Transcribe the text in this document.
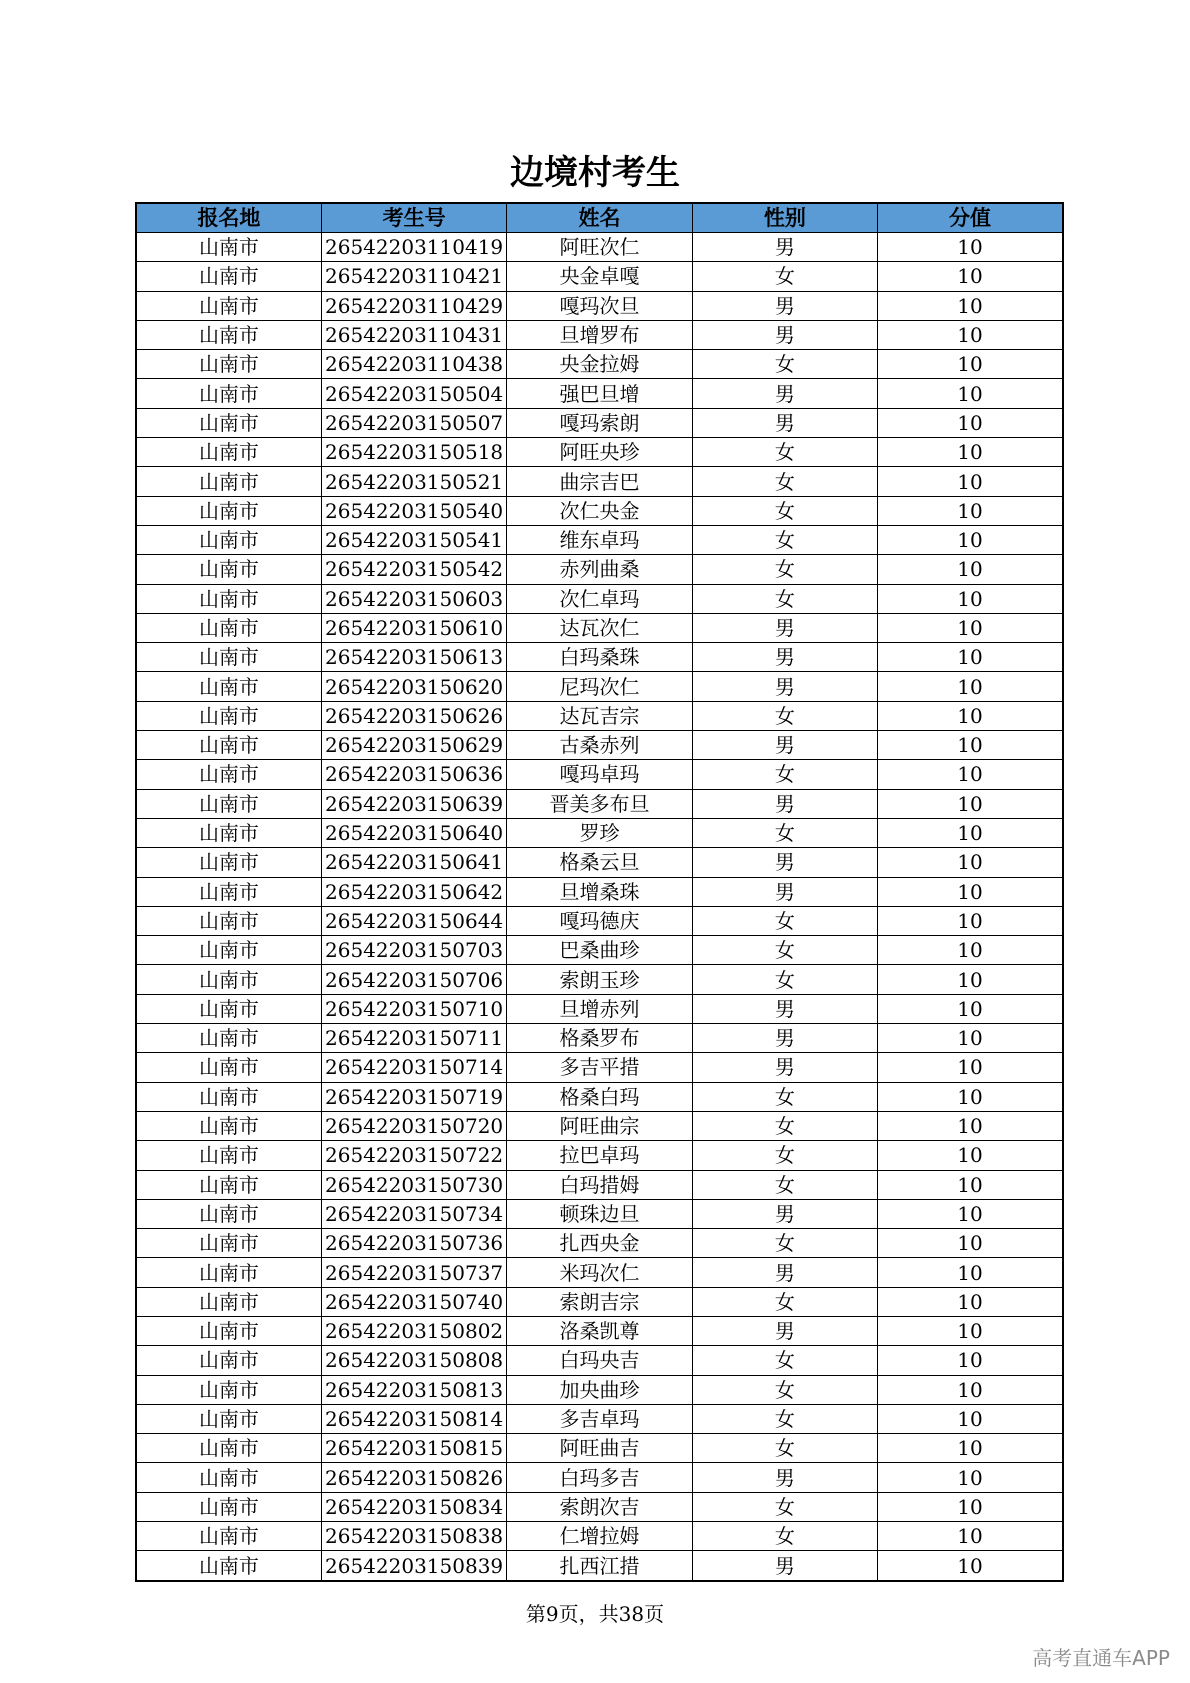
边境村考生
报名地	考生号	姓名	性别	分值
山南市	26542203110419	阿旺次仁	男	10
山南市	26542203110421	央金卓嘎	女	10
山南市	26542203110429	嘎玛次旦	男	10
山南市	26542203110431	旦增罗布	男	10
山南市	26542203110438	央金拉姆	女	10
山南市	26542203150504	强巴旦增	男	10
山南市	26542203150507	嘎玛索朗	男	10
山南市	26542203150518	阿旺央珍	女	10
山南市	26542203150521	曲宗吉巴	女	10
山南市	26542203150540	次仁央金	女	10
山南市	26542203150541	维东卓玛	女	10
山南市	26542203150542	赤列曲桑	女	10
山南市	26542203150603	次仁卓玛	女	10
山南市	26542203150610	达瓦次仁	男	10
山南市	26542203150613	白玛桑珠	男	10
山南市	26542203150620	尼玛次仁	男	10
山南市	26542203150626	达瓦吉宗	女	10
山南市	26542203150629	古桑赤列	男	10
山南市	26542203150636	嘎玛卓玛	女	10
山南市	26542203150639	晋美多布旦	男	10
山南市	26542203150640	罗珍	女	10
山南市	26542203150641	格桑云旦	男	10
山南市	26542203150642	旦增桑珠	男	10
山南市	26542203150644	嘎玛德庆	女	10
山南市	26542203150703	巴桑曲珍	女	10
山南市	26542203150706	索朗玉珍	女	10
山南市	26542203150710	旦增赤列	男	10
山南市	26542203150711	格桑罗布	男	10
山南市	26542203150714	多吉平措	男	10
山南市	26542203150719	格桑白玛	女	10
山南市	26542203150720	阿旺曲宗	女	10
山南市	26542203150722	拉巴卓玛	女	10
山南市	26542203150730	白玛措姆	女	10
山南市	26542203150734	顿珠边旦	男	10
山南市	26542203150736	扎西央金	女	10
山南市	26542203150737	米玛次仁	男	10
山南市	26542203150740	索朗吉宗	女	10
山南市	26542203150802	洛桑凯尊	男	10
山南市	26542203150808	白玛央吉	女	10
山南市	26542203150813	加央曲珍	女	10
山南市	26542203150814	多吉卓玛	女	10
山南市	26542203150815	阿旺曲吉	女	10
山南市	26542203150826	白玛多吉	男	10
山南市	26542203150834	索朗次吉	女	10
山南市	26542203150838	仁增拉姆	女	10
山南市	26542203150839	扎西江措	男	10
第9页，共38页
高考直通车APP
